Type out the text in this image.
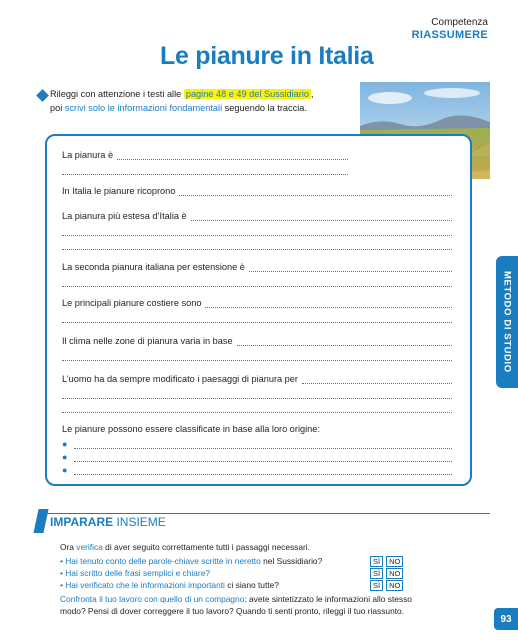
Competenza
RIASSUMERE
Le pianure in Italia
Rileggi con attenzione i testi alle pagine 48 e 49 del Sussidiario ,
poi scrivi solo le informazioni fondamentali seguendo la traccia.
La pianura è
In Italia le pianure ricoprono
La pianura più estesa d’Italia è
La seconda pianura italiana per estensione è
Le principali pianure costiere sono
Il clima nelle zone di pianura varia in base
L’uomo ha da sempre modificato i paesaggi di pianura per
Le pianure possono essere classificate in base alla loro origine:
●
●
●
METODO DI STUDIO
IMPARARE INSIEME
Ora verifica di aver seguito correttamente tutti i passaggi necessari.
• Hai tenuto conto delle parole-chiave scritte in neretto nel Sussidiario?	SÌ NO
• Hai scritto delle frasi semplici e chiare?	SÌ NO
• Hai verificato che le informazioni importanti ci siano tutte?	SÌ NO
Confronta il tuo lavoro con quello di un compagno: avete sintetizzato le informazioni allo stesso
modo? Pensi di dover correggere il tuo lavoro? Quando ti senti pronto, rileggi il tuo riassunto.
93
